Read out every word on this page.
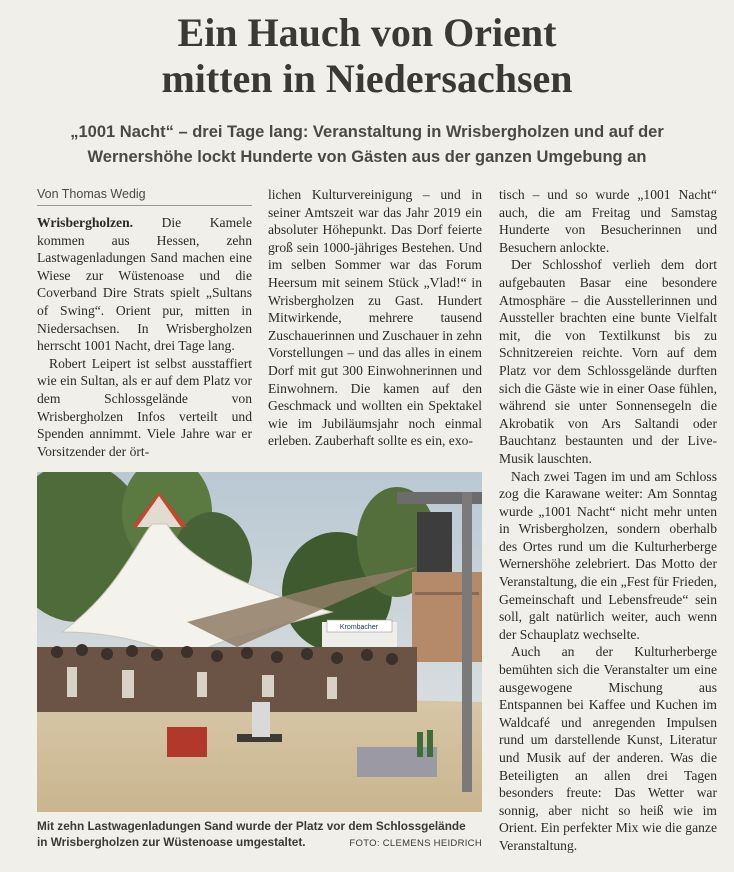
Ein Hauch von Orient
mitten in Niedersachsen
„1001 Nacht“ – drei Tage lang: Veranstaltung in Wrisbergholzen und auf der
Wernershöhe lockt Hunderte von Gästen aus der ganzen Umgebung an
Von Thomas Wedig

Wrisbergholzen. Die Kamele kommen aus Hessen, zehn Lastwagenladungen Sand machen eine Wiese zur Wüstenoase und die Coverband Dire Strats spielt „Sultans of Swing“. Orient pur, mitten in Niedersachsen. In Wrisbergholzen herrscht 1001 Nacht, drei Tage lang.

Robert Leipert ist selbst ausstaffiert wie ein Sultan, als er auf dem Platz vor dem Schlossgelände von Wrisbergholzen Infos verteilt und Spenden annimmt. Viele Jahre war er Vorsitzender der ört-

lichen Kulturvereinigung – und in seiner Amtszeit war das Jahr 2019 ein absoluter Höhepunkt. Das Dorf feierte groß sein 1000-jähriges Bestehen. Und im selben Sommer war das Forum Heersum mit seinem Stück „Vlad!“ in Wrisbergholzen zu Gast. Hundert Mitwirkende, mehrere tausend Zuschauerinnen und Zuschauer in zehn Vorstellungen – und das alles in einem Dorf mit gut 300 Einwohnerinnen und Einwohnern. Die kamen auf den Geschmack und wollten ein Spektakel wie im Jubiläumsjahr noch einmal erleben. Zauberhaft sollte es ein, exo-

tisch – und so wurde „1001 Nacht“ auch, die am Freitag und Samstag Hunderte von Besucherinnen und Besuchern anlockte.

Der Schlosshof verlieh dem dort aufgebauten Basar eine besondere Atmosphäre – die Ausstellerinnen und Aussteller brachten eine bunte Vielfalt mit, die von Textilkunst bis zu Schnitzereien reichte. Vorn auf dem Platz vor dem Schlossgelände durften sich die Gäste wie in einer Oase fühlen, während sie unter Sonnensegeln die Akrobatik von Ars Saltandi oder Bauchtanz bestaunten und der Live-Musik lauschten.

Nach zwei Tagen im und am Schloss zog die Karawane weiter: Am Sonntag wurde „1001 Nacht“ nicht mehr unten in Wrisbergholzen, sondern oberhalb des Ortes rund um die Kulturherberge Wernershöhe zelebriert. Das Motto der Veranstaltung, die ein „Fest für Frieden, Gemeinschaft und Lebensfreude“ sein soll, galt natürlich weiter, auch wenn der Schauplatz wechselte.

Auch an der Kulturherberge bemühten sich die Veranstalter um eine ausgewogene Mischung aus Entspannen bei Kaffee und Kuchen im Waldcafé und anregenden Impulsen rund um darstellende Kunst, Literatur und Musik auf der anderen. Was die Beteiligten an allen drei Tagen besonders freute: Das Wetter war sonnig, aber nicht so heiß wie im Orient. Ein perfekter Mix wie die ganze Veranstaltung.

Krombacher
Mit zehn Lastwagenladungen Sand wurde der Platz vor dem Schlossgelände
in Wrisbergholzen zur Wüstenoase umgestaltet.	FOTO: CLEMENS HEIDRICH
